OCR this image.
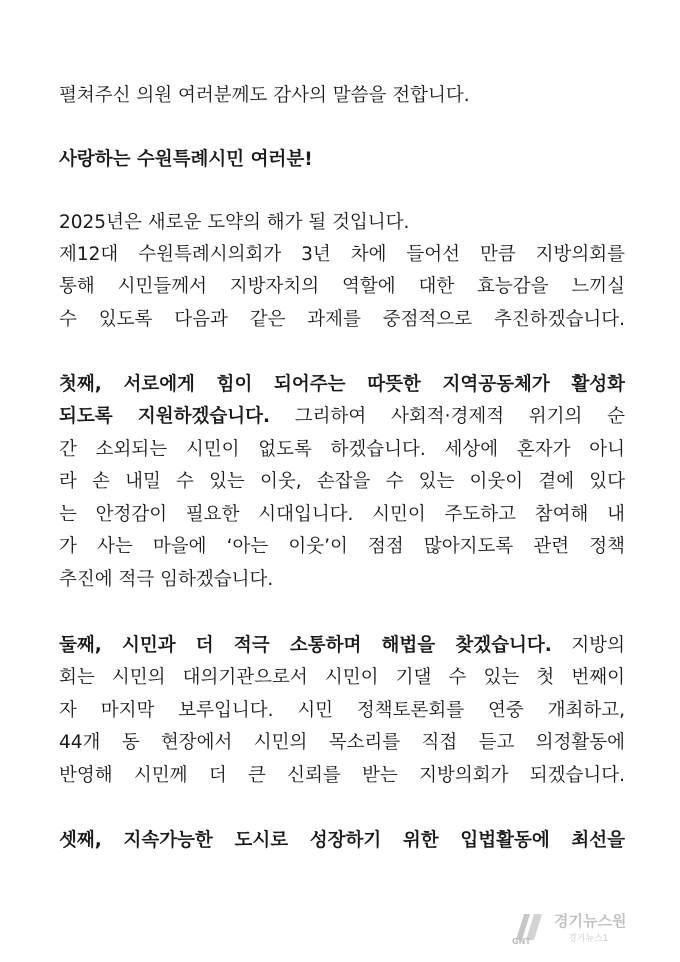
펼쳐주신 의원 여러분께도 감사의 말씀을 전합니다.
사랑하는 수원특례시민 여러분!
2025년은 새로운 도약의 해가 될 것입니다.
제12대 수원특례시의회가 3년 차에 들어선 만큼 지방의회를
통해 시민들께서 지방자치의 역할에 대한 효능감을 느끼실
수 있도록 다음과 같은 과제를 중점적으로 추진하겠습니다.
첫째, 서로에게 힘이 되어주는 따뜻한 지역공동체가 활성화
되도록 지원하겠습니다. 그리하여 사회적·경제적 위기의 순
간 소외되는 시민이 없도록 하겠습니다. 세상에 혼자가 아니
라 손 내밀 수 있는 이웃, 손잡을 수 있는 이웃이 곁에 있다
는 안정감이 필요한 시대입니다. 시민이 주도하고 참여해 내
가 사는 마을에 ‘아는 이웃’이 점점 많아지도록 관련 정책
추진에 적극 임하겠습니다.
둘째, 시민과 더 적극 소통하며 해법을 찾겠습니다. 지방의
회는 시민의 대의기관으로서 시민이 기댈 수 있는 첫 번째이
자 마지막 보루입니다. 시민 정책토론회를 연중 개최하고,
44개 동 현장에서 시민의 목소리를 직접 듣고 의정활동에
반영해 시민께 더 큰 신뢰를 받는 지방의회가 되겠습니다.
셋째, 지속가능한 도시로 성장하기 위한 입법활동에 최선을
GNT
경기뉴스원
경기뉴스1
